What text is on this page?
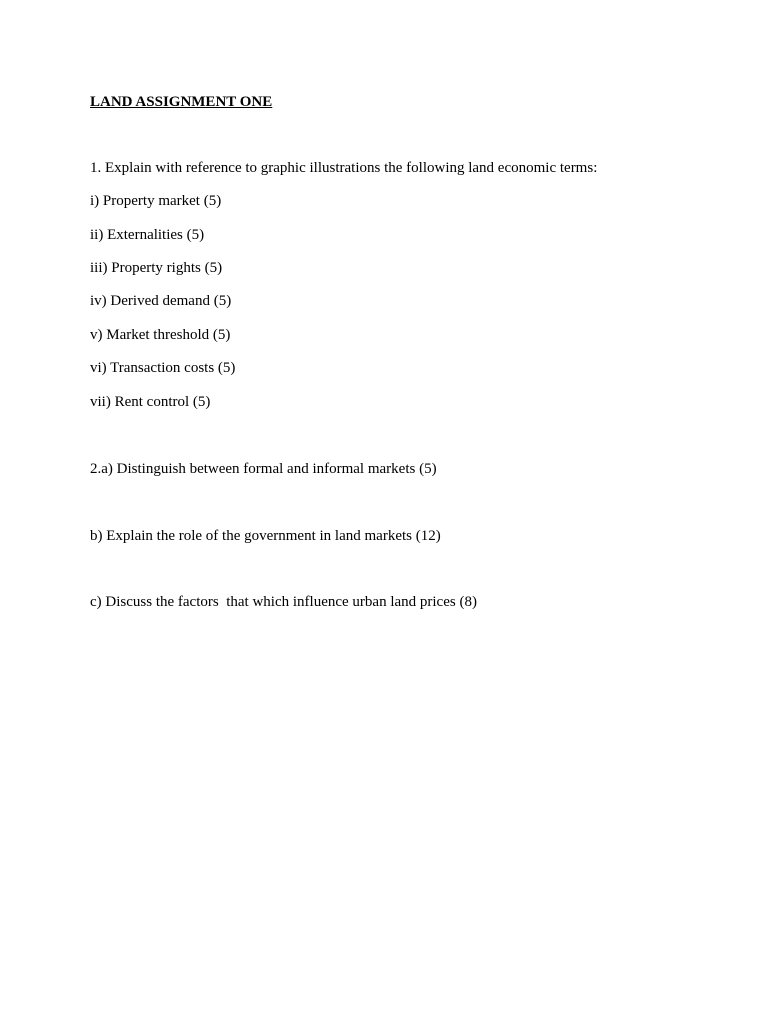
LAND ASSIGNMENT ONE
1. Explain with reference to graphic illustrations the following land economic terms:
i) Property market (5)
ii) Externalities (5)
iii) Property rights (5)
iv) Derived demand (5)
v) Market threshold (5)
vi) Transaction costs (5)
vii) Rent control (5)
2.a) Distinguish between formal and informal markets (5)
b) Explain the role of the government in land markets (12)
c) Discuss the factors  that which influence urban land prices (8)
